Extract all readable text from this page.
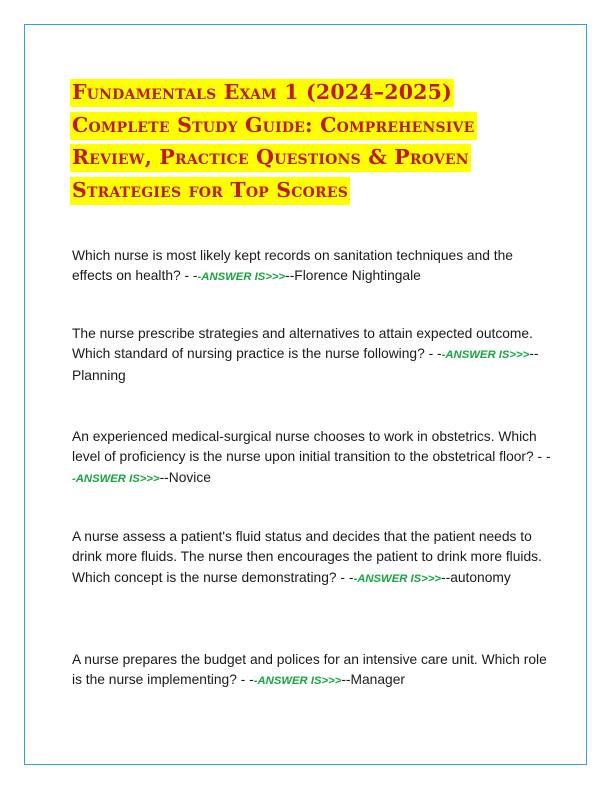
Fundamentals Exam 1 (2024–2025) Complete Study Guide: Comprehensive Review, Practice Questions & Proven Strategies for Top Scores
Which nurse is most likely kept records on sanitation techniques and the effects on health? - --ANSWER IS>>>--Florence Nightingale
The nurse prescribe strategies and alternatives to attain expected outcome. Which standard of nursing practice is the nurse following? - --ANSWER IS>>>--Planning
An experienced medical-surgical nurse chooses to work in obstetrics. Which level of proficiency is the nurse upon initial transition to the obstetrical floor? - --ANSWER IS>>>--Novice
A nurse assess a patient's fluid status and decides that the patient needs to drink more fluids. The nurse then encourages the patient to drink more fluids. Which concept is the nurse demonstrating? - --ANSWER IS>>>--autonomy
A nurse prepares the budget and polices for an intensive care unit. Which role is the nurse implementing? - --ANSWER IS>>>--Manager
